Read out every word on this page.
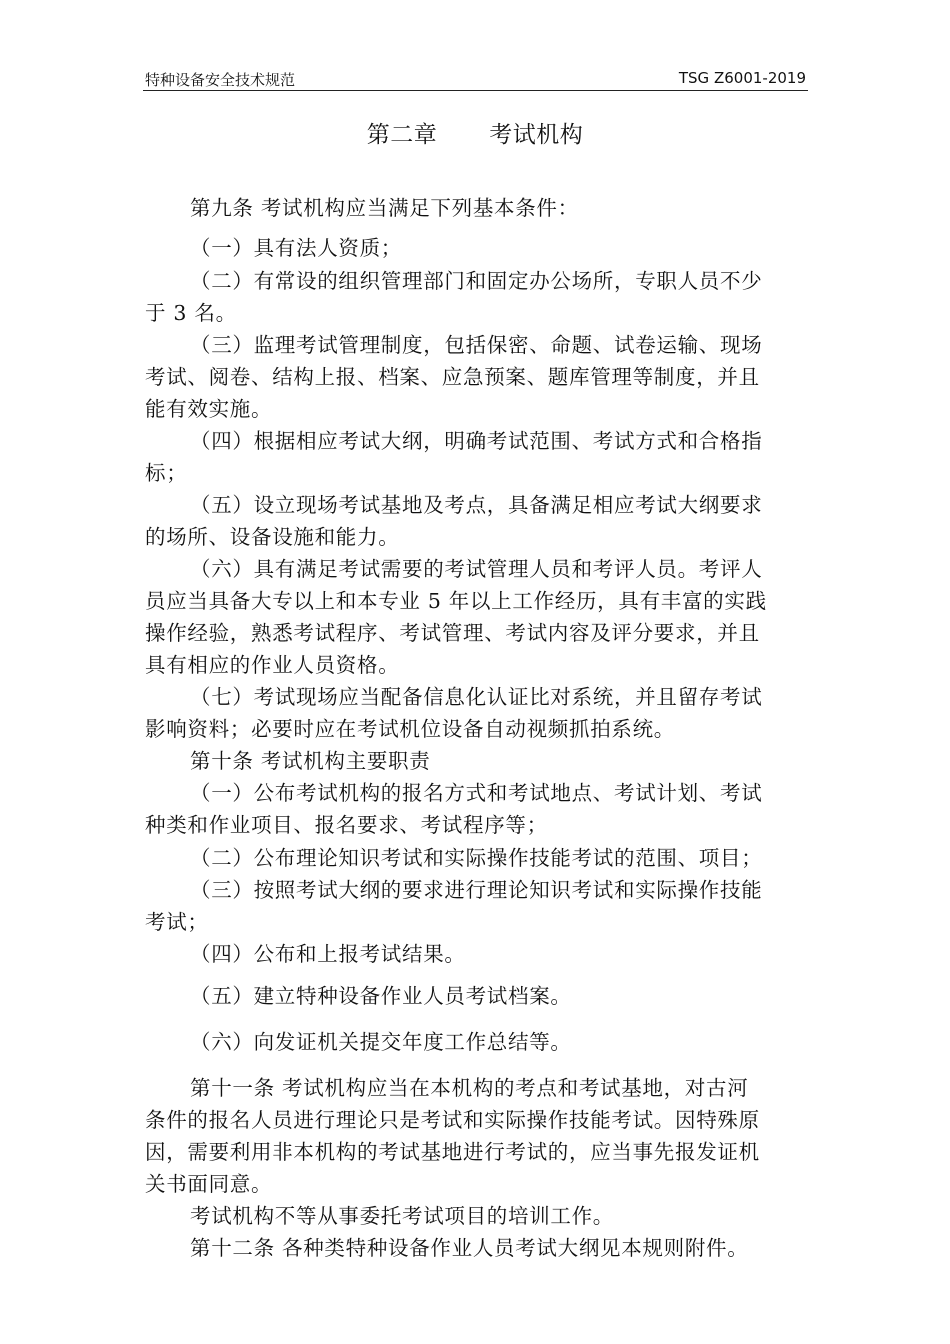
特种设备安全技术规范	TSG Z6001-2019
第二章 考试机构
第九条 考试机构应当满足下列基本条件：
（一）具有法人资质；
（二）有常设的组织管理部门和固定办公场所，专职人员不少
于 3 名。
（三）监理考试管理制度，包括保密、命题、试卷运输、现场
考试、阅卷、结构上报、档案、应急预案、题库管理等制度，并且
能有效实施。
（四）根据相应考试大纲，明确考试范围、考试方式和合格指
标；
（五）设立现场考试基地及考点，具备满足相应考试大纲要求
的场所、设备设施和能力。
（六）具有满足考试需要的考试管理人员和考评人员。考评人
员应当具备大专以上和本专业 5 年以上工作经历，具有丰富的实践
操作经验，熟悉考试程序、考试管理、考试内容及评分要求，并且
具有相应的作业人员资格。
（七）考试现场应当配备信息化认证比对系统，并且留存考试
影响资料；必要时应在考试机位设备自动视频抓拍系统。
第十条 考试机构主要职责
（一）公布考试机构的报名方式和考试地点、考试计划、考试
种类和作业项目、报名要求、考试程序等；
（二）公布理论知识考试和实际操作技能考试的范围、项目；
（三）按照考试大纲的要求进行理论知识考试和实际操作技能
考试；
（四）公布和上报考试结果。
（五）建立特种设备作业人员考试档案。
（六）向发证机关提交年度工作总结等。
第十一条 考试机构应当在本机构的考点和考试基地，对古河
条件的报名人员进行理论只是考试和实际操作技能考试。因特殊原
因，需要利用非本机构的考试基地进行考试的，应当事先报发证机
关书面同意。
考试机构不等从事委托考试项目的培训工作。
第十二条 各种类特种设备作业人员考试大纲见本规则附件。
